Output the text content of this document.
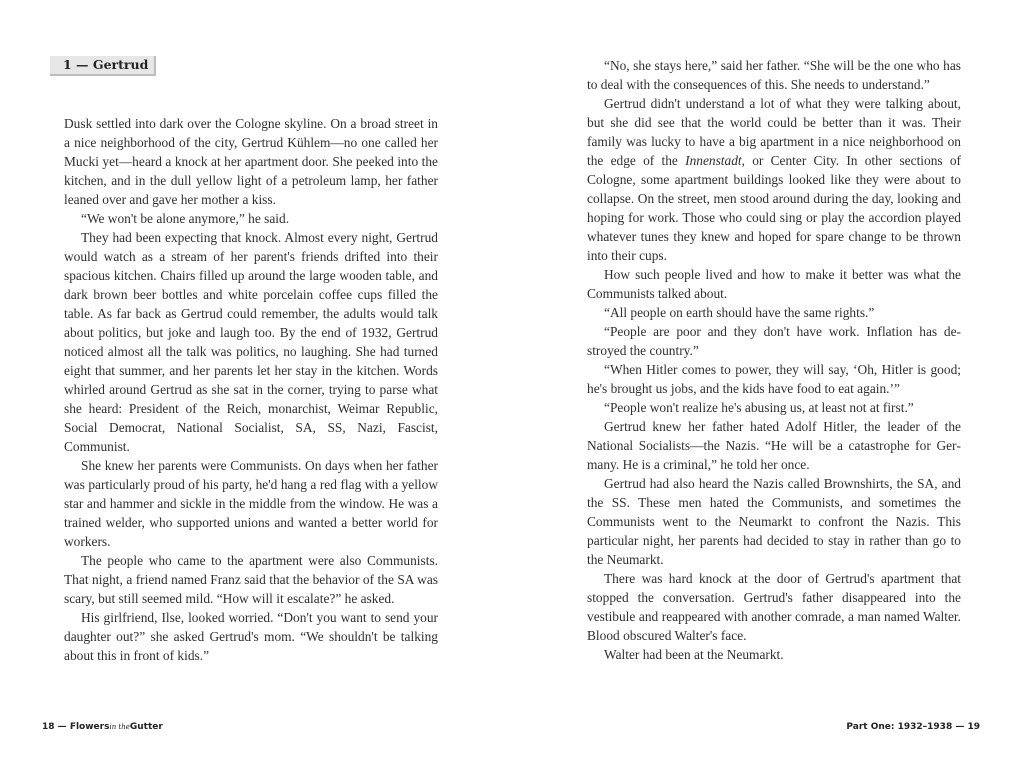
1 — Gertrud

Dusk settled into dark over the Cologne skyline. On a broad street in a nice neighborhood of the city, Gertrud Kühlem—no one called her Mucki yet—heard a knock at her apartment door. She peeked into the kitchen, and in the dull yellow light of a petroleum lamp, her father leaned over and gave her mother a kiss.

“We won't be alone anymore,” he said.

They had been expecting that knock. Almost every night, Gertrud would watch as a stream of her parent's friends drifted into their spacious kitchen. Chairs filled up around the large wooden table, and dark brown beer bottles and white porcelain coffee cups filled the table. As far back as Gertrud could remember, the adults would talk about politics, but joke and laugh too. By the end of 1932, Gertrud noticed almost all the talk was politics, no laughing. She had turned eight that summer, and her parents let her stay in the kitchen. Words whirled around Gertrud as she sat in the corner, trying to parse what she heard: President of the Reich, monarchist, Weimar Republic, Social Democrat, National Socialist, SA, SS, Nazi, Fascist, Communist.

She knew her parents were Communists. On days when her father was particularly proud of his party, he'd hang a red flag with a yellow star and hammer and sickle in the middle from the window. He was a trained welder, who supported unions and wanted a better world for workers.

The people who came to the apartment were also Communists. That night, a friend named Franz said that the behavior of the SA was scary, but still seemed mild. “How will it escalate?” he asked.

His girlfriend, Ilse, looked worried. “Don't you want to send your daughter out?” she asked Gertrud's mom. “We shouldn't be talking about this in front of kids.”

18 — Flowersin theGutter

“No, she stays here,” said her father. “She will be the one who has to deal with the consequences of this. She needs to understand.”

Gertrud didn't understand a lot of what they were talking about, but she did see that the world could be better than it was. Their family was lucky to have a big apartment in a nice neighborhood on the edge of the Innenstadt, or Center City. In other sections of Cologne, some apartment buildings looked like they were about to collapse. On the street, men stood around during the day, looking and hoping for work. Those who could sing or play the accordion played whatever tunes they knew and hoped for spare change to be thrown into their cups.

How such people lived and how to make it better was what the Communists talked about.

“All people on earth should have the same rights.”

“People are poor and they don't have work. Inflation has destroyed the country.”

“When Hitler comes to power, they will say, ‘Oh, Hitler is good; he's brought us jobs, and the kids have food to eat again.’”

“People won't realize he's abusing us, at least not at first.”

Gertrud knew her father hated Adolf Hitler, the leader of the National Socialists—the Nazis. “He will be a catastrophe for Germany. He is a criminal,” he told her once.

Gertrud had also heard the Nazis called Brownshirts, the SA, and the SS. These men hated the Communists, and sometimes the Communists went to the Neumarkt to confront the Nazis. This particular night, her parents had decided to stay in rather than go to the Neumarkt.

There was hard knock at the door of Gertrud's apartment that stopped the conversation. Gertrud's father disappeared into the vestibule and reappeared with another comrade, a man named Walter. Blood obscured Walter's face.

Walter had been at the Neumarkt.

Part One: 1932–1938 — 19
